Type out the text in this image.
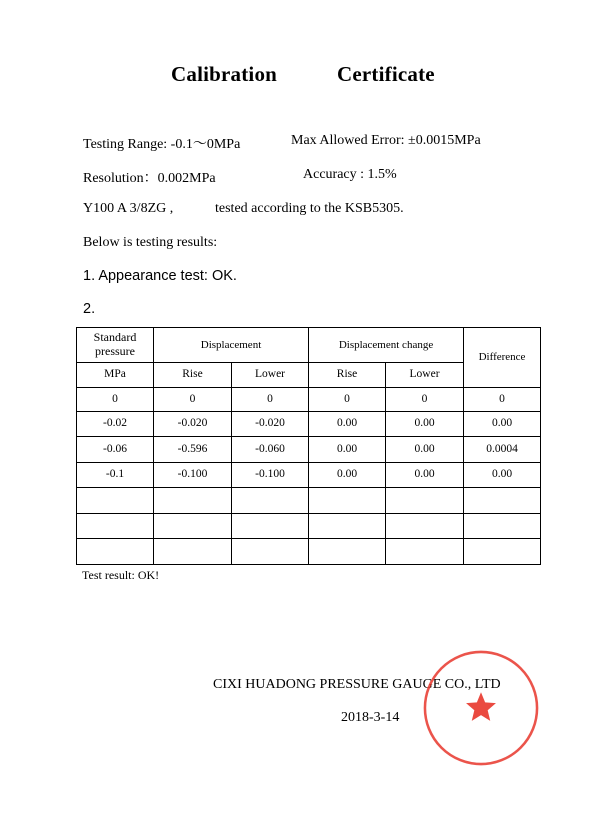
Calibration	Certificate
Testing Range: -0.1～0MPa	Max Allowed Error: ±0.0015MPa
Resolution：0.002MPa	Accuracy : 1.5%
Y100 A 3/8ZG ,	tested according to the KSB5305.
Below is testing results:
1. Appearance test: OK.
2.
Standard pressure	Displacement		Displacement change		Difference
MPa	Rise	Lower	Rise	Lower	
0	0	0	0	0	0
-0.02	-0.020	-0.020	0.00	0.00	0.00
-0.06	-0.596	-0.060	0.00	0.00	0.0004
-0.1	-0.100	-0.100	0.00	0.00	0.00

Test result: OK!
CIXI HUADONG PRESSURE GAUGE CO., LTD
2018-3-14
